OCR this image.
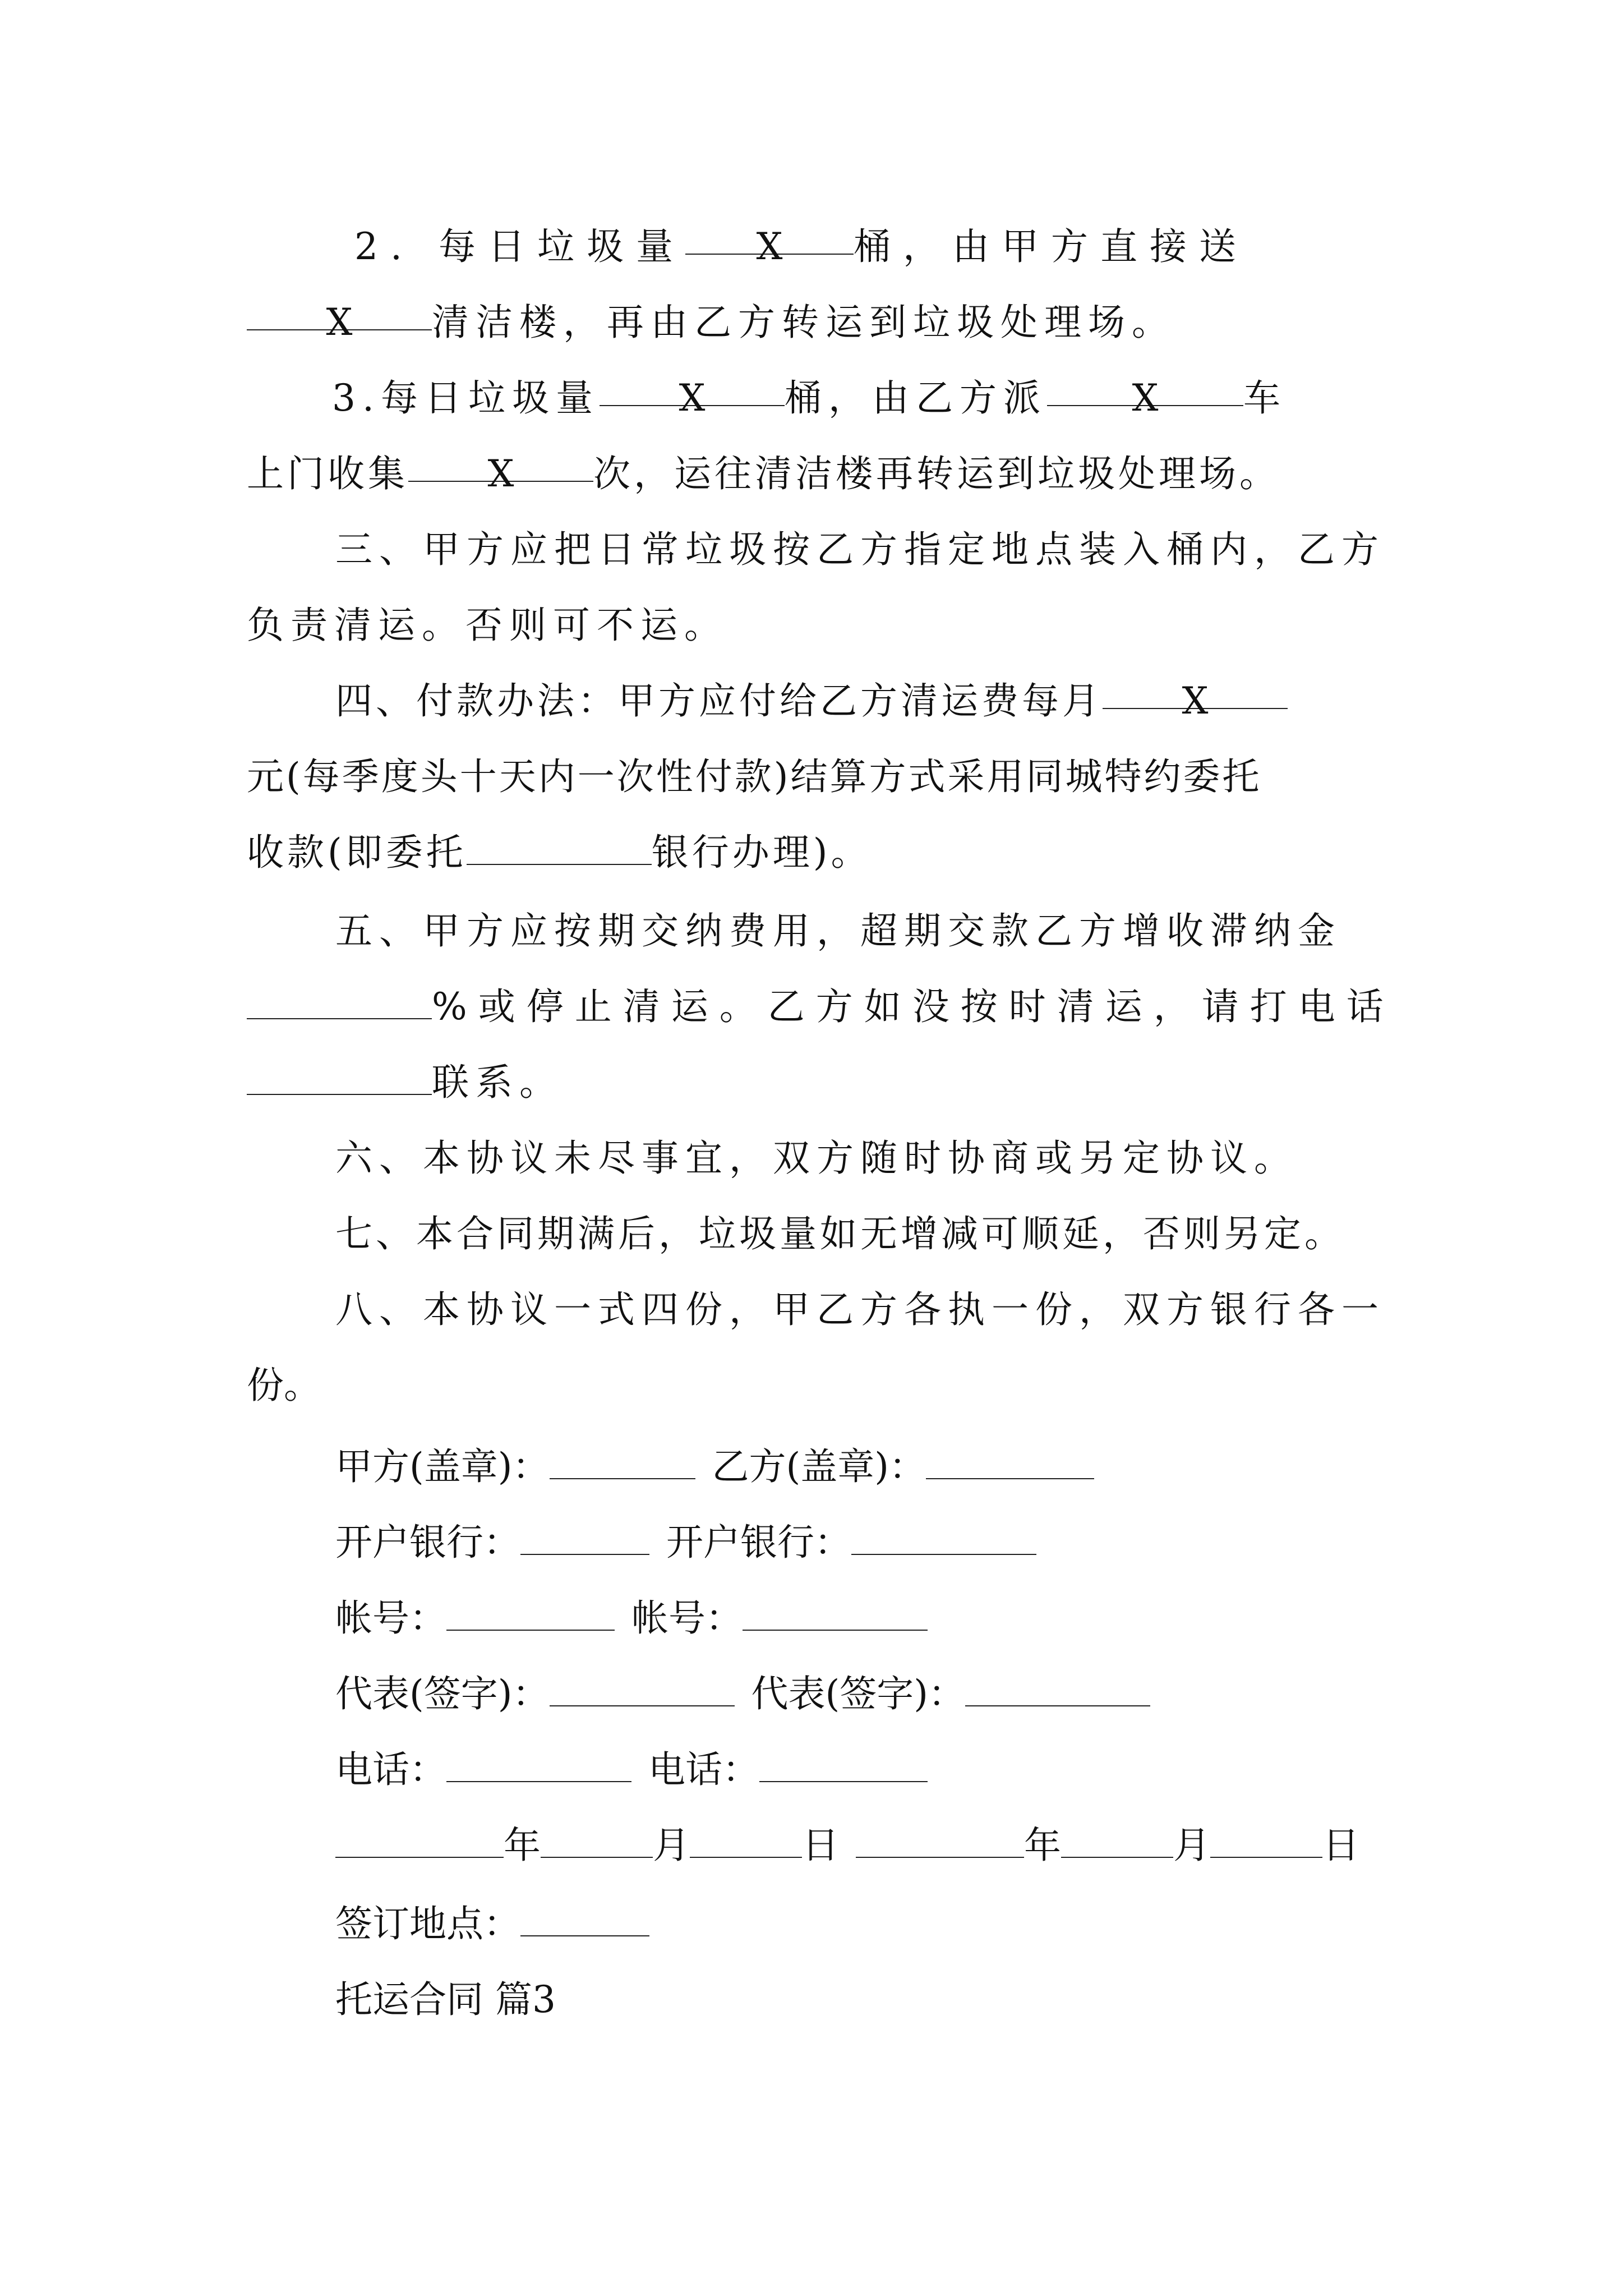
2. 每日垃圾量 X 桶，由甲方直接送
X 清洁楼，再由乙方转运到垃圾处理场。
3.每日垃圾量 X 桶，由乙方派 X 车
上门收集 X 次，运往清洁楼再转运到垃圾处理场。
三、甲方应把日常垃圾按乙方指定地点装入桶内，乙方
负责清运。否则可不运。
四、付款办法：甲方应付给乙方清运费每月 X
元(每季度头十天内一次性付款)结算方式采用同城特约委托
收款(即委托	银行办理)。
五、甲方应按期交纳费用，超期交款乙方增收滞纳金
%或停止清运。乙方如没按时清运，请打电话
联系。
六、本协议未尽事宜，双方随时协商或另定协议。
七、本合同期满后，垃圾量如无增减可顺延，否则另定。
八、本协议一式四份，甲乙方各执一份，双方银行各一
份。
甲方(盖章)：	乙方(盖章)：
开户银行：	开户银行：
帐号：	帐号：
代表(签字)：	代表(签字)：
电话：	电话：
年	月	日	年	月	日
签订地点：
托运合同 篇3
